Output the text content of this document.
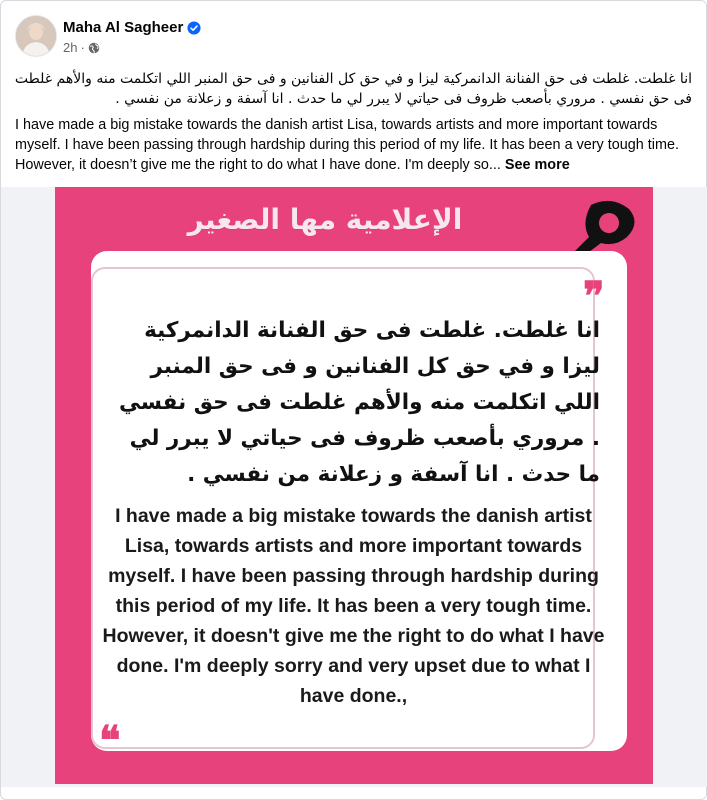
Maha Al Sagheer
2h ·
انا غلطت. غلطت فى حق الفنانة الدانمركية ليزا و في حق كل الفنانين و فى حق المنبر اللي اتكلمت منه والأهم غلطت فى حق نفسي . مروري بأصعب ظروف فى حياتي لا يبرر لي ما حدث . انا آسفة و زعلانة من نفسي .
I have made a big mistake towards the danish artist Lisa, towards artists and more important towards myself. I have been passing through hardship during this period of my life. It has been a very tough time. However, it doesn’t give me the right to do what I have done. I'm deeply so... See more
الإعلامية مها الصغير
❞
انا غلطت. غلطت فى حق الفنانة الدانمركية ليزا و في حق كل الفنانين و فى حق المنبر اللي اتكلمت منه والأهم غلطت فى حق نفسي . مروري بأصعب ظروف فى حياتي لا يبرر لي ما حدث . انا آسفة و زعلانة من نفسي .
I have made a big mistake towards the danish artist Lisa, towards artists and more important towards myself. I have been passing through hardship during this period of my life. It has been a very tough time. However, it doesn't give me the right to do what I have done. I'm deeply sorry and very upset due to what I have done.,
❝
